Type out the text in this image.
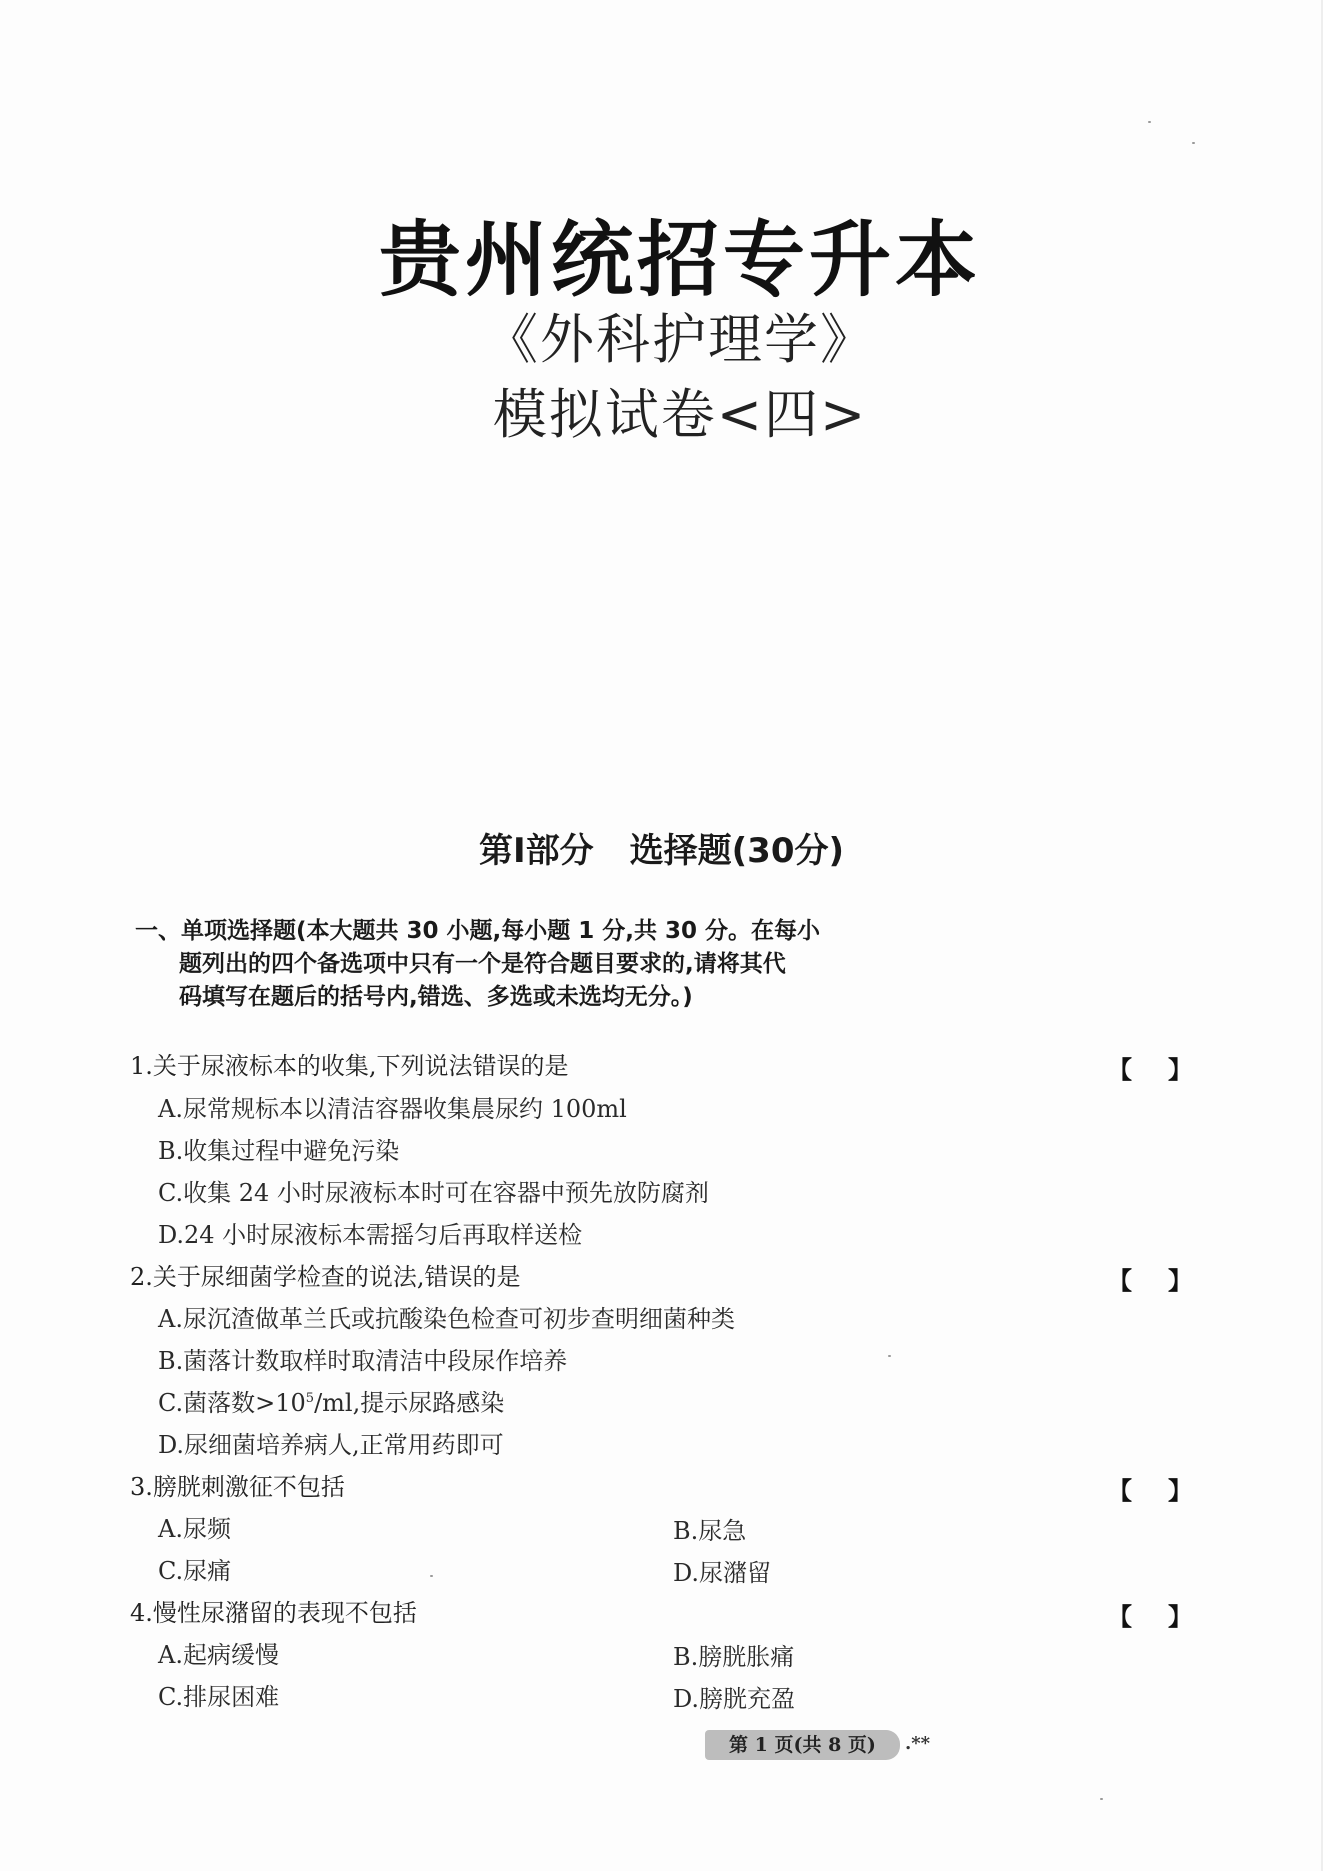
贵州统招专升本
《外科护理学》
模拟试卷<四>
第Ⅰ部分 选择题(30分)
一、单项选择题(本大题共 30 小题,每小题 1 分,共 30 分。在每小
题列出的四个备选项中只有一个是符合题目要求的,请将其代
码填写在题后的括号内,错选、多选或未选均无分。)
1.关于尿液标本的收集,下列说法错误的是	【 】
A.尿常规标本以清洁容器收集晨尿约 100ml
B.收集过程中避免污染
C.收集 24 小时尿液标本时可在容器中预先放防腐剂
D.24 小时尿液标本需摇匀后再取样送检
2.关于尿细菌学检查的说法,错误的是	【 】
A.尿沉渣做革兰氏或抗酸染色检查可初步查明细菌种类
B.菌落计数取样时取清洁中段尿作培养
C.菌落数$>10^5/ml$,提示尿路感染
D.尿细菌培养病人,正常用药即可
3.膀胱刺激征不包括	【 】
A.尿频	B.尿急
C.尿痛	D.尿潴留
4.慢性尿潴留的表现不包括	【 】
A.起病缓慢	B.膀胱胀痛
C.排尿困难	D.膀胱充盈
第 1 页(共 8 页)	.**
